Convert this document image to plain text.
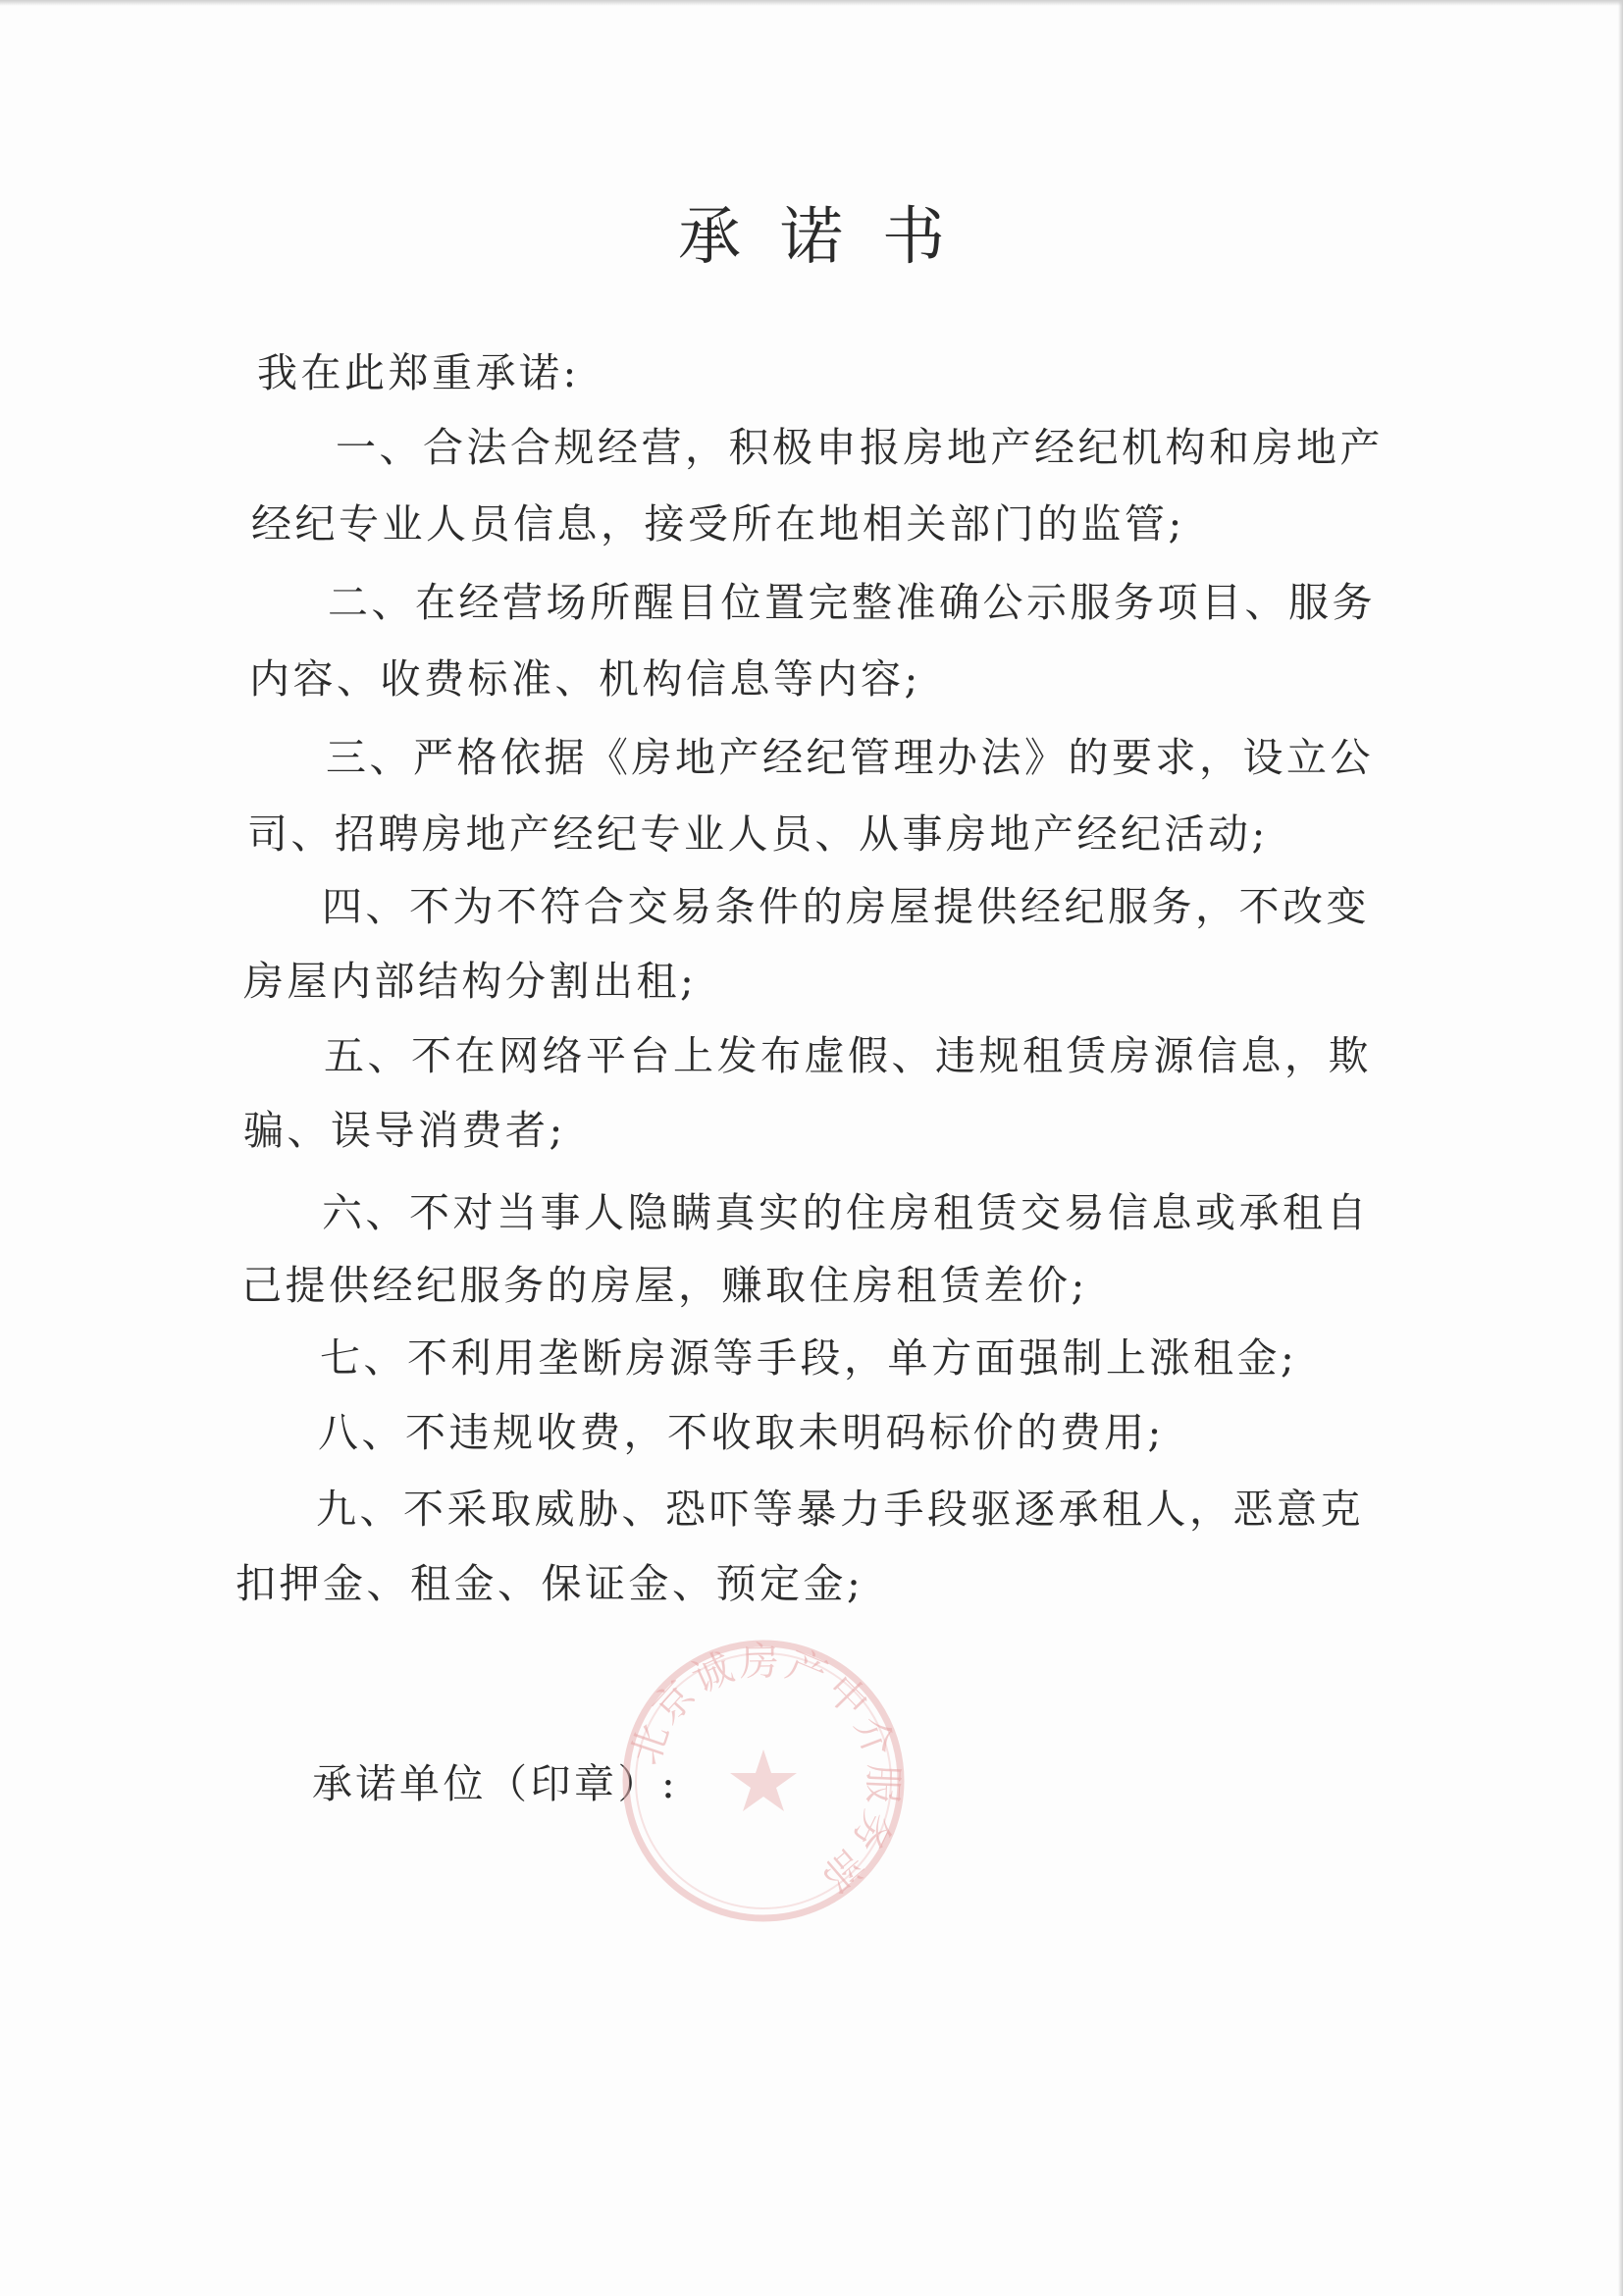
承诺书
我在此郑重承诺:
一、合法合规经营，积极申报房地产经纪机构和房地产
经纪专业人员信息，接受所在地相关部门的监管;
二、在经营场所醒目位置完整准确公示服务项目、服务
内容、收费标准、机构信息等内容;
三、严格依据《房地产经纪管理办法》的要求，设立公
司、招聘房地产经纪专业人员、从事房地产经纪活动;
四、不为不符合交易条件的房屋提供经纪服务，不改变
房屋内部结构分割出租;
五、不在网络平台上发布虚假、违规租赁房源信息，欺
骗、误导消费者;
六、不对当事人隐瞒真实的住房租赁交易信息或承租自
己提供经纪服务的房屋，赚取住房租赁差价;
七、不利用垄断房源等手段，单方面强制上涨租金;
八、不违规收费，不收取未明码标价的费用;
九、不采取威胁、恐吓等暴力手段驱逐承租人，恶意克
扣押金、租金、保证金、预定金;
承诺单位（印章）:
北京诚房产中介服务部
